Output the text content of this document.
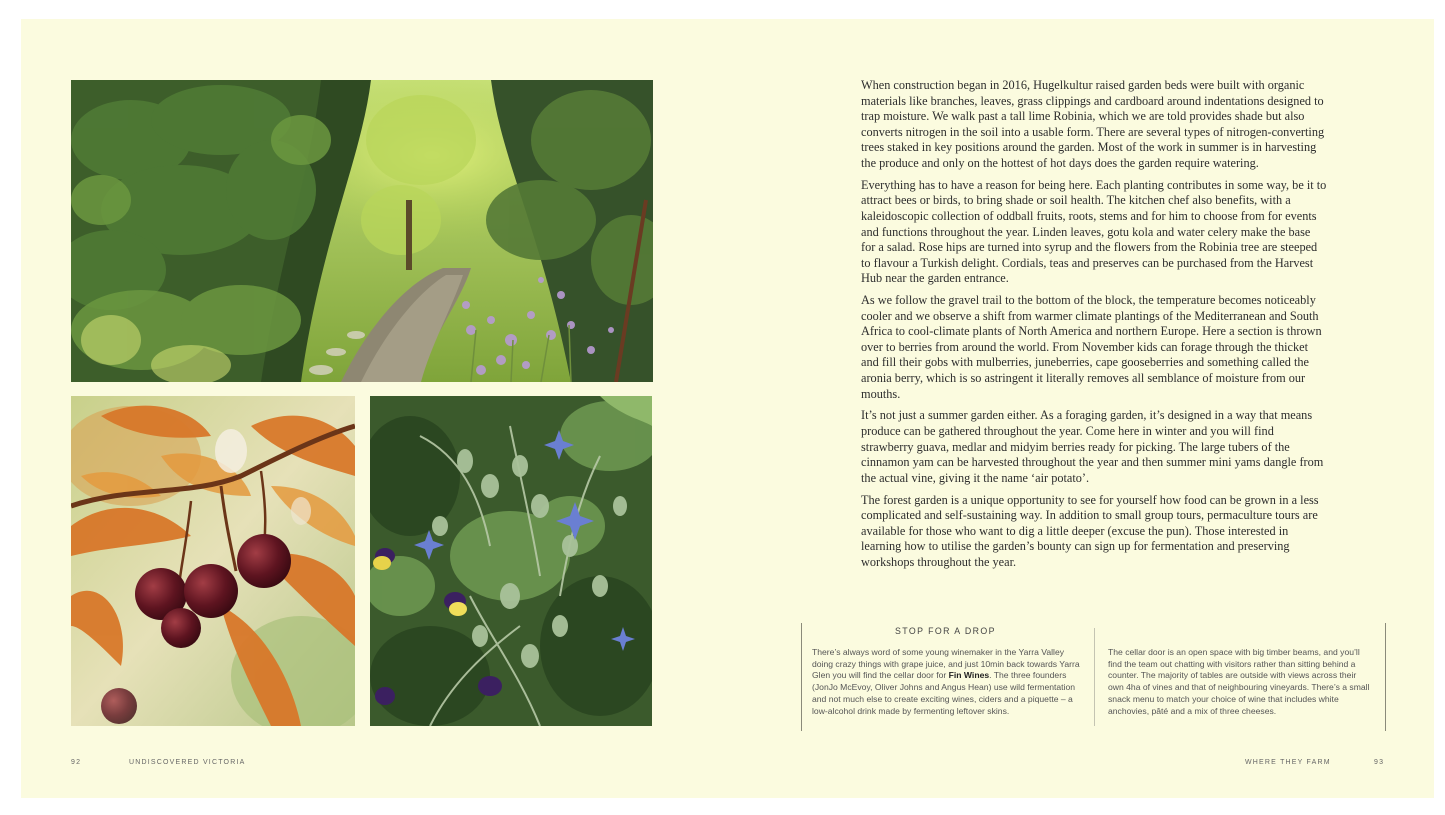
When construction began in 2016, Hugelkultur raised garden beds were built with organic materials like branches, leaves, grass clippings and cardboard around indentations designed to trap moisture. We walk past a tall lime Robinia, which we are told provides shade but also converts nitrogen in the soil into a usable form. There are several types of nitrogen-converting trees staked in key positions around the garden. Most of the work in summer is in harvesting the produce and only on the hottest of hot days does the garden require watering.

Everything has to have a reason for being here. Each planting contributes in some way, be it to attract bees or birds, to bring shade or soil health. The kitchen chef also benefits, with a kaleidoscopic collection of oddball fruits, roots, stems and for him to choose from for events and functions throughout the year. Linden leaves, gotu kola and water celery make the base for a salad. Rose hips are turned into syrup and the flowers from the Robinia tree are steeped to flavour a Turkish delight. Cordials, teas and preserves can be purchased from the Harvest Hub near the garden entrance.

As we follow the gravel trail to the bottom of the block, the temperature becomes noticeably cooler and we observe a shift from warmer climate plantings of the Mediterranean and South Africa to cool-climate plants of North America and northern Europe. Here a section is thrown over to berries from around the world. From November kids can forage through the thicket and fill their gobs with mulberries, juneberries, cape gooseberries and something called the aronia berry, which is so astringent it literally removes all semblance of moisture from our mouths.

It’s not just a summer garden either. As a foraging garden, it’s designed in a way that means produce can be gathered throughout the year. Come here in winter and you will find strawberry guava, medlar and midyim berries ready for picking. The large tubers of the cinnamon yam can be harvested throughout the year and then summer mini yams dangle from the actual vine, giving it the name ‘air potato’.

The forest garden is a unique opportunity to see for yourself how food can be grown in a less complicated and self-sustaining way. In addition to small group tours, permaculture tours are available for those who want to dig a little deeper (excuse the pun). Those interested in learning how to utilise the garden’s bounty can sign up for fermentation and preserving workshops throughout the year.

STOP FOR A DROP
There’s always word of some young winemaker in the Yarra Valley doing crazy things with grape juice, and just 10min back towards Yarra Glen you will find the cellar door for Fin Wines. The three founders (JonJo McEvoy, Oliver Johns and Angus Hean) use wild fermentation and not much else to create exciting wines, ciders and a piquette – a low-alcohol drink made by fermenting leftover skins.
The cellar door is an open space with big timber beams, and you’ll find the team out chatting with visitors rather than sitting behind a counter. The majority of tables are outside with views across their own 4ha of vines and that of neighbouring vineyards. There’s a small snack menu to match your choice of wine that includes white anchovies, pâté and a mix of three cheeses.
92	UNDISCOVERED VICTORIA	WHERE THEY FARM	93
